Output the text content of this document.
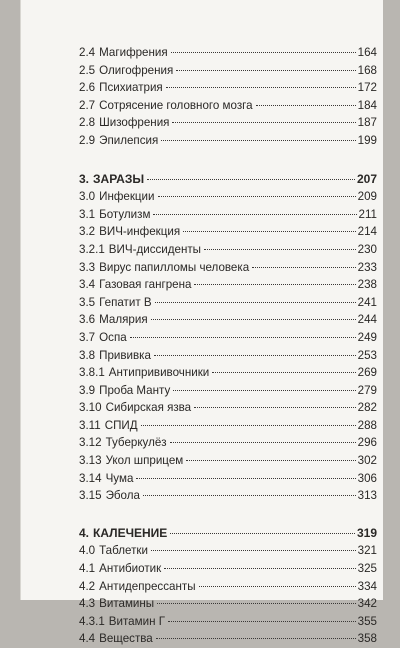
2.4 Магифрения	164
2.5 Олигофрения	168
2.6 Психиатрия	172
2.7 Сотрясение головного мозга	184
2.8 Шизофрения	187
2.9 Эпилепсия	199
3. ЗАРАЗЫ	207
3.0 Инфекции	209
3.1 Ботулизм	211
3.2 ВИЧ-инфекция	214
3.2.1 ВИЧ-диссиденты	230
3.3 Вирус папилломы человека	233
3.4 Газовая гангрена	238
3.5 Гепатит В	241
3.6 Малярия	244
3.7 Оспа	249
3.8 Прививка	253
3.8.1 Антипрививочники	269
3.9 Проба Манту	279
3.10 Сибирская язва	282
3.11 СПИД	288
3.12 Туберкулёз	296
3.13 Укол шприцем	302
3.14 Чума	306
3.15 Эбола	313
4. КАЛЕЧЕНИЕ	319
4.0 Таблетки	321
4.1 Антибиотик	325
4.2 Антидепрессанты	334
4.3 Витамины	342
4.3.1 Витамин Г	355
4.4 Вещества	358
